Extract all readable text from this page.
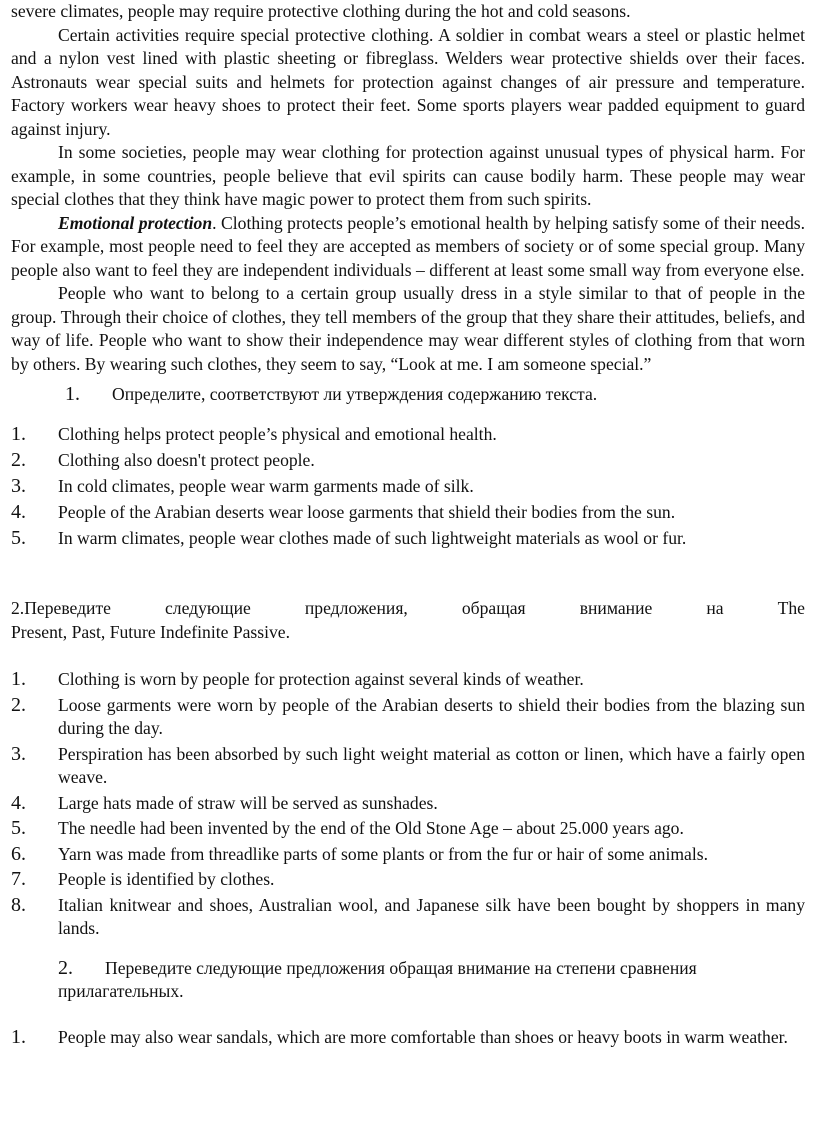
severe climates, people may require protective clothing during the hot and cold seasons.

Certain activities require special protective clothing. A soldier in combat wears a steel or plastic helmet and a nylon vest lined with plastic sheeting or fibreglass. Welders wear protective shields over their faces. Astronauts wear special suits and helmets for protection against changes of air pressure and temperature. Factory workers wear heavy shoes to protect their feet. Some sports players wear padded equipment to guard against injury.

In some societies, people may wear clothing for protection against unusual types of physical harm. For example, in some countries, people believe that evil spirits can cause bodily harm. These people may wear special clothes that they think have magic power to protect them from such spirits.

Emotional protection. Clothing protects people’s emotional health by helping satisfy some of their needs. For example, most people need to feel they are accepted as members of society or of some special group. Many people also want to feel they are independent individuals – different at least some small way from everyone else.

People who want to belong to a certain group usually dress in a style similar to that of people in the group. Through their choice of clothes, they tell members of the group that they share their attitudes, beliefs, and way of life. People who want to show their independence may wear different styles of clothing from that worn by others. By wearing such clothes, they seem to say, “Look at me. I am someone special.”

1. Определите, соответствуют ли утверждения содержанию текста.
1. Clothing helps protect people’s physical and emotional health.
2. Clothing also doesn't protect people.
3. In cold climates, people wear warm garments made of silk.
4. People of the Arabian deserts wear loose garments that shield their bodies from the sun.
5. In warm climates, people wear clothes made of such lightweight materials as wool or fur.
2.Переведите	следующие	предложения,	обращая	внимание	на	The
Present, Past, Future Indefinite Passive.
1. Clothing is worn by people for protection against several kinds of weather.
2. Loose garments were worn by people of the Arabian deserts to shield their bodies from the blazing sun during the day.
3. Perspiration has been absorbed by such light weight material as cotton or linen, which have a fairly open weave.
4. Large hats made of straw will be served as sunshades.
5. The needle had been invented by the end of the Old Stone Age – about 25.000 years ago.
6. Yarn was made from threadlike parts of some plants or from the fur or hair of some animals.
7. People is identified by clothes.
8. Italian knitwear and shoes, Australian wool, and Japanese silk have been bought by shoppers in many lands.
2. Переведите следующие предложения обращая внимание на степени сравнения прилагательных.
1. People may also wear sandals, which are more comfortable than shoes or heavy boots in warm weather.
